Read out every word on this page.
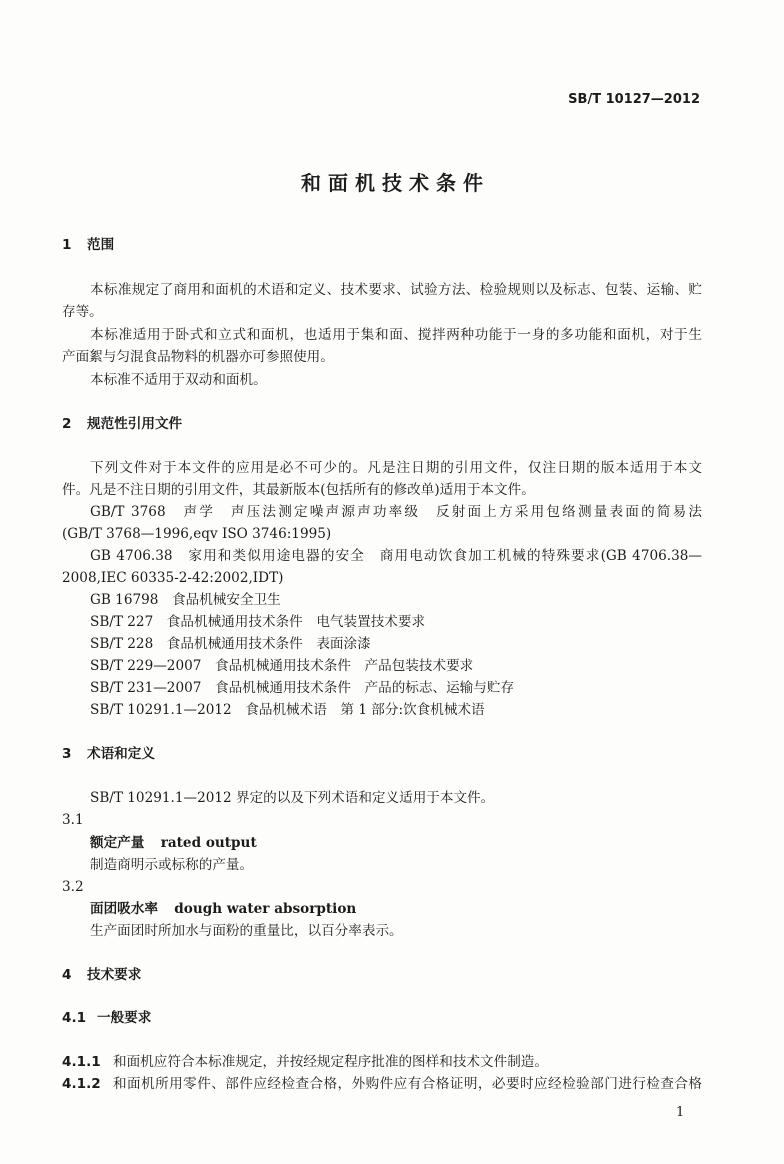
SB/T 10127—2012
和面机技术条件
1 范围
本标准规定了商用和面机的术语和定义、技术要求、试验方法、检验规则以及标志、包装、运输、贮
存等。
本标准适用于卧式和立式和面机，也适用于集和面、搅拌两种功能于一身的多功能和面机，对于生
产面絮与匀混食品物料的机器亦可参照使用。
本标准不适用于双动和面机。
2 规范性引用文件
下列文件对于本文件的应用是必不可少的。凡是注日期的引用文件，仅注日期的版本适用于本文
件。凡是不注日期的引用文件，其最新版本(包括所有的修改单)适用于本文件。
GB/T 3768　声学　声压法测定噪声源声功率级　反射面上方采用包络测量表面的简易法
(GB/T 3768—1996,eqv ISO 3746:1995)
GB 4706.38　家用和类似用途电器的安全　商用电动饮食加工机械的特殊要求(GB 4706.38—
2008,IEC 60335-2-42:2002,IDT)
GB 16798　食品机械安全卫生
SB/T 227　食品机械通用技术条件　电气装置技术要求
SB/T 228　食品机械通用技术条件　表面涂漆
SB/T 229—2007　食品机械通用技术条件　产品包装技术要求
SB/T 231—2007　食品机械通用技术条件　产品的标志、运输与贮存
SB/T 10291.1—2012　食品机械术语　第 1 部分:饮食机械术语
3 术语和定义
SB/T 10291.1—2012 界定的以及下列术语和定义适用于本文件。
3.1
额定产量 rated output
制造商明示或标称的产量。
3.2
面团吸水率 dough water absorption
生产面团时所加水与面粉的重量比，以百分率表示。
4 技术要求
4.1 一般要求
4.1.1 和面机应符合本标准规定，并按经规定程序批准的图样和技术文件制造。
4.1.2 和面机所用零件、部件应经检查合格，外购件应有合格证明，必要时应经检验部门进行检查合格
1
